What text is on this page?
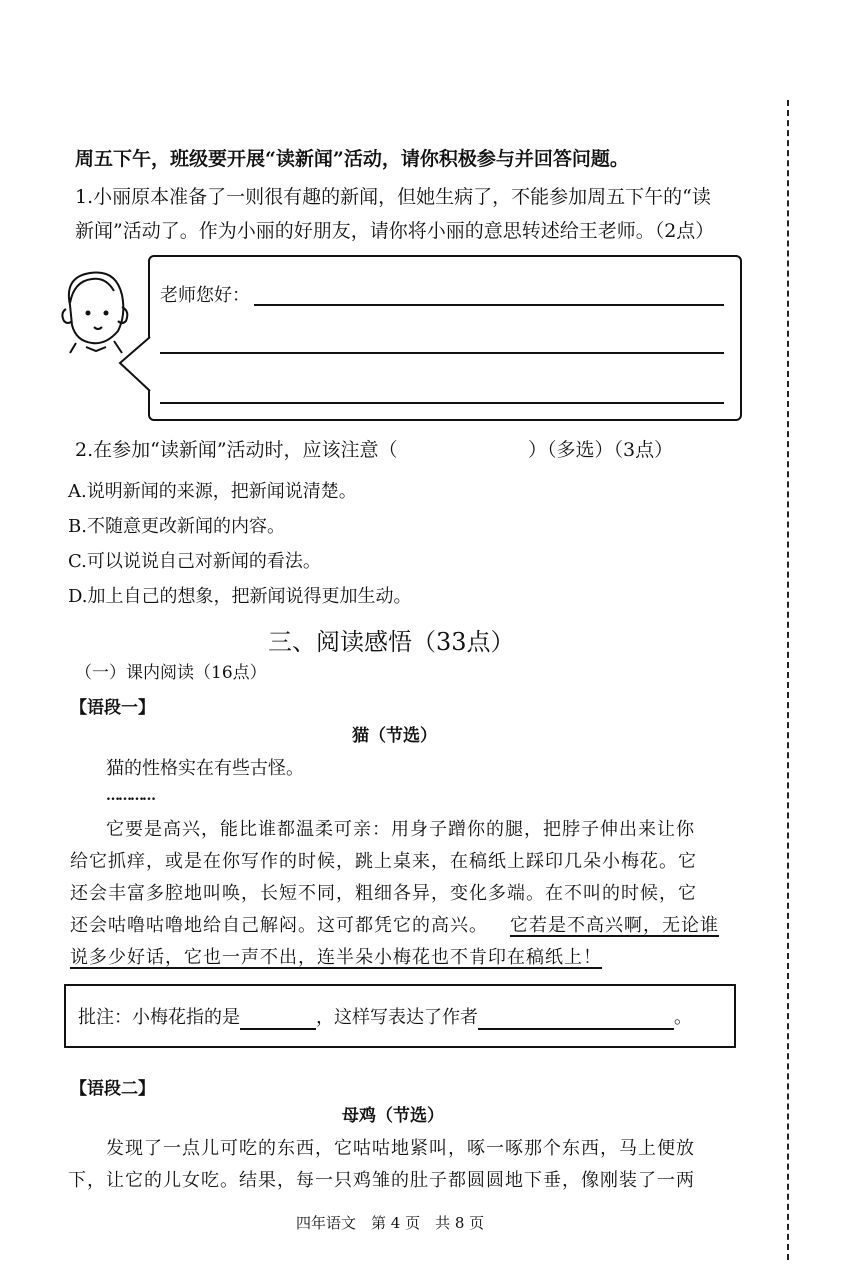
周五下午，班级要开展“读新闻”活动，请你积极参与并回答问题。
1.小丽原本准备了一则很有趣的新闻，但她生病了，不能参加周五下午的“读
新闻”活动了。作为小丽的好朋友，请你将小丽的意思转述给王老师。（2点）
老师您好：
2.在参加“读新闻”活动时，应该注意（	）（多选）（3点）
A.说明新闻的来源，把新闻说清楚。
B.不随意更改新闻的内容。
C.可以说说自己对新闻的看法。
D.加上自己的想象，把新闻说得更加生动。
三、阅读感悟（33点）
（一）课内阅读（16点）
【语段一】
猫（节选）
猫的性格实在有些古怪。
…………
它要是高兴，能比谁都温柔可亲：用身子蹭你的腿，把脖子伸出来让你
给它抓痒，或是在你写作的时候，跳上桌来，在稿纸上踩印几朵小梅花。它
还会丰富多腔地叫唤，长短不同，粗细各异，变化多端。在不叫的时候，它
还会咕噜咕噜地给自己解闷。这可都凭它的高兴。 它若是不高兴啊，无论谁
说多少好话，它也一声不出，连半朵小梅花也不肯印在稿纸上！
批注：小梅花指的是	，这样写表达了作者	。
【语段二】
母鸡（节选）
发现了一点儿可吃的东西，它咕咕地紧叫，啄一啄那个东西，马上便放
下，让它的儿女吃。结果，每一只鸡雏的肚子都圆圆地下垂，像刚装了一两
四年语文　第 4 页　共 8 页
